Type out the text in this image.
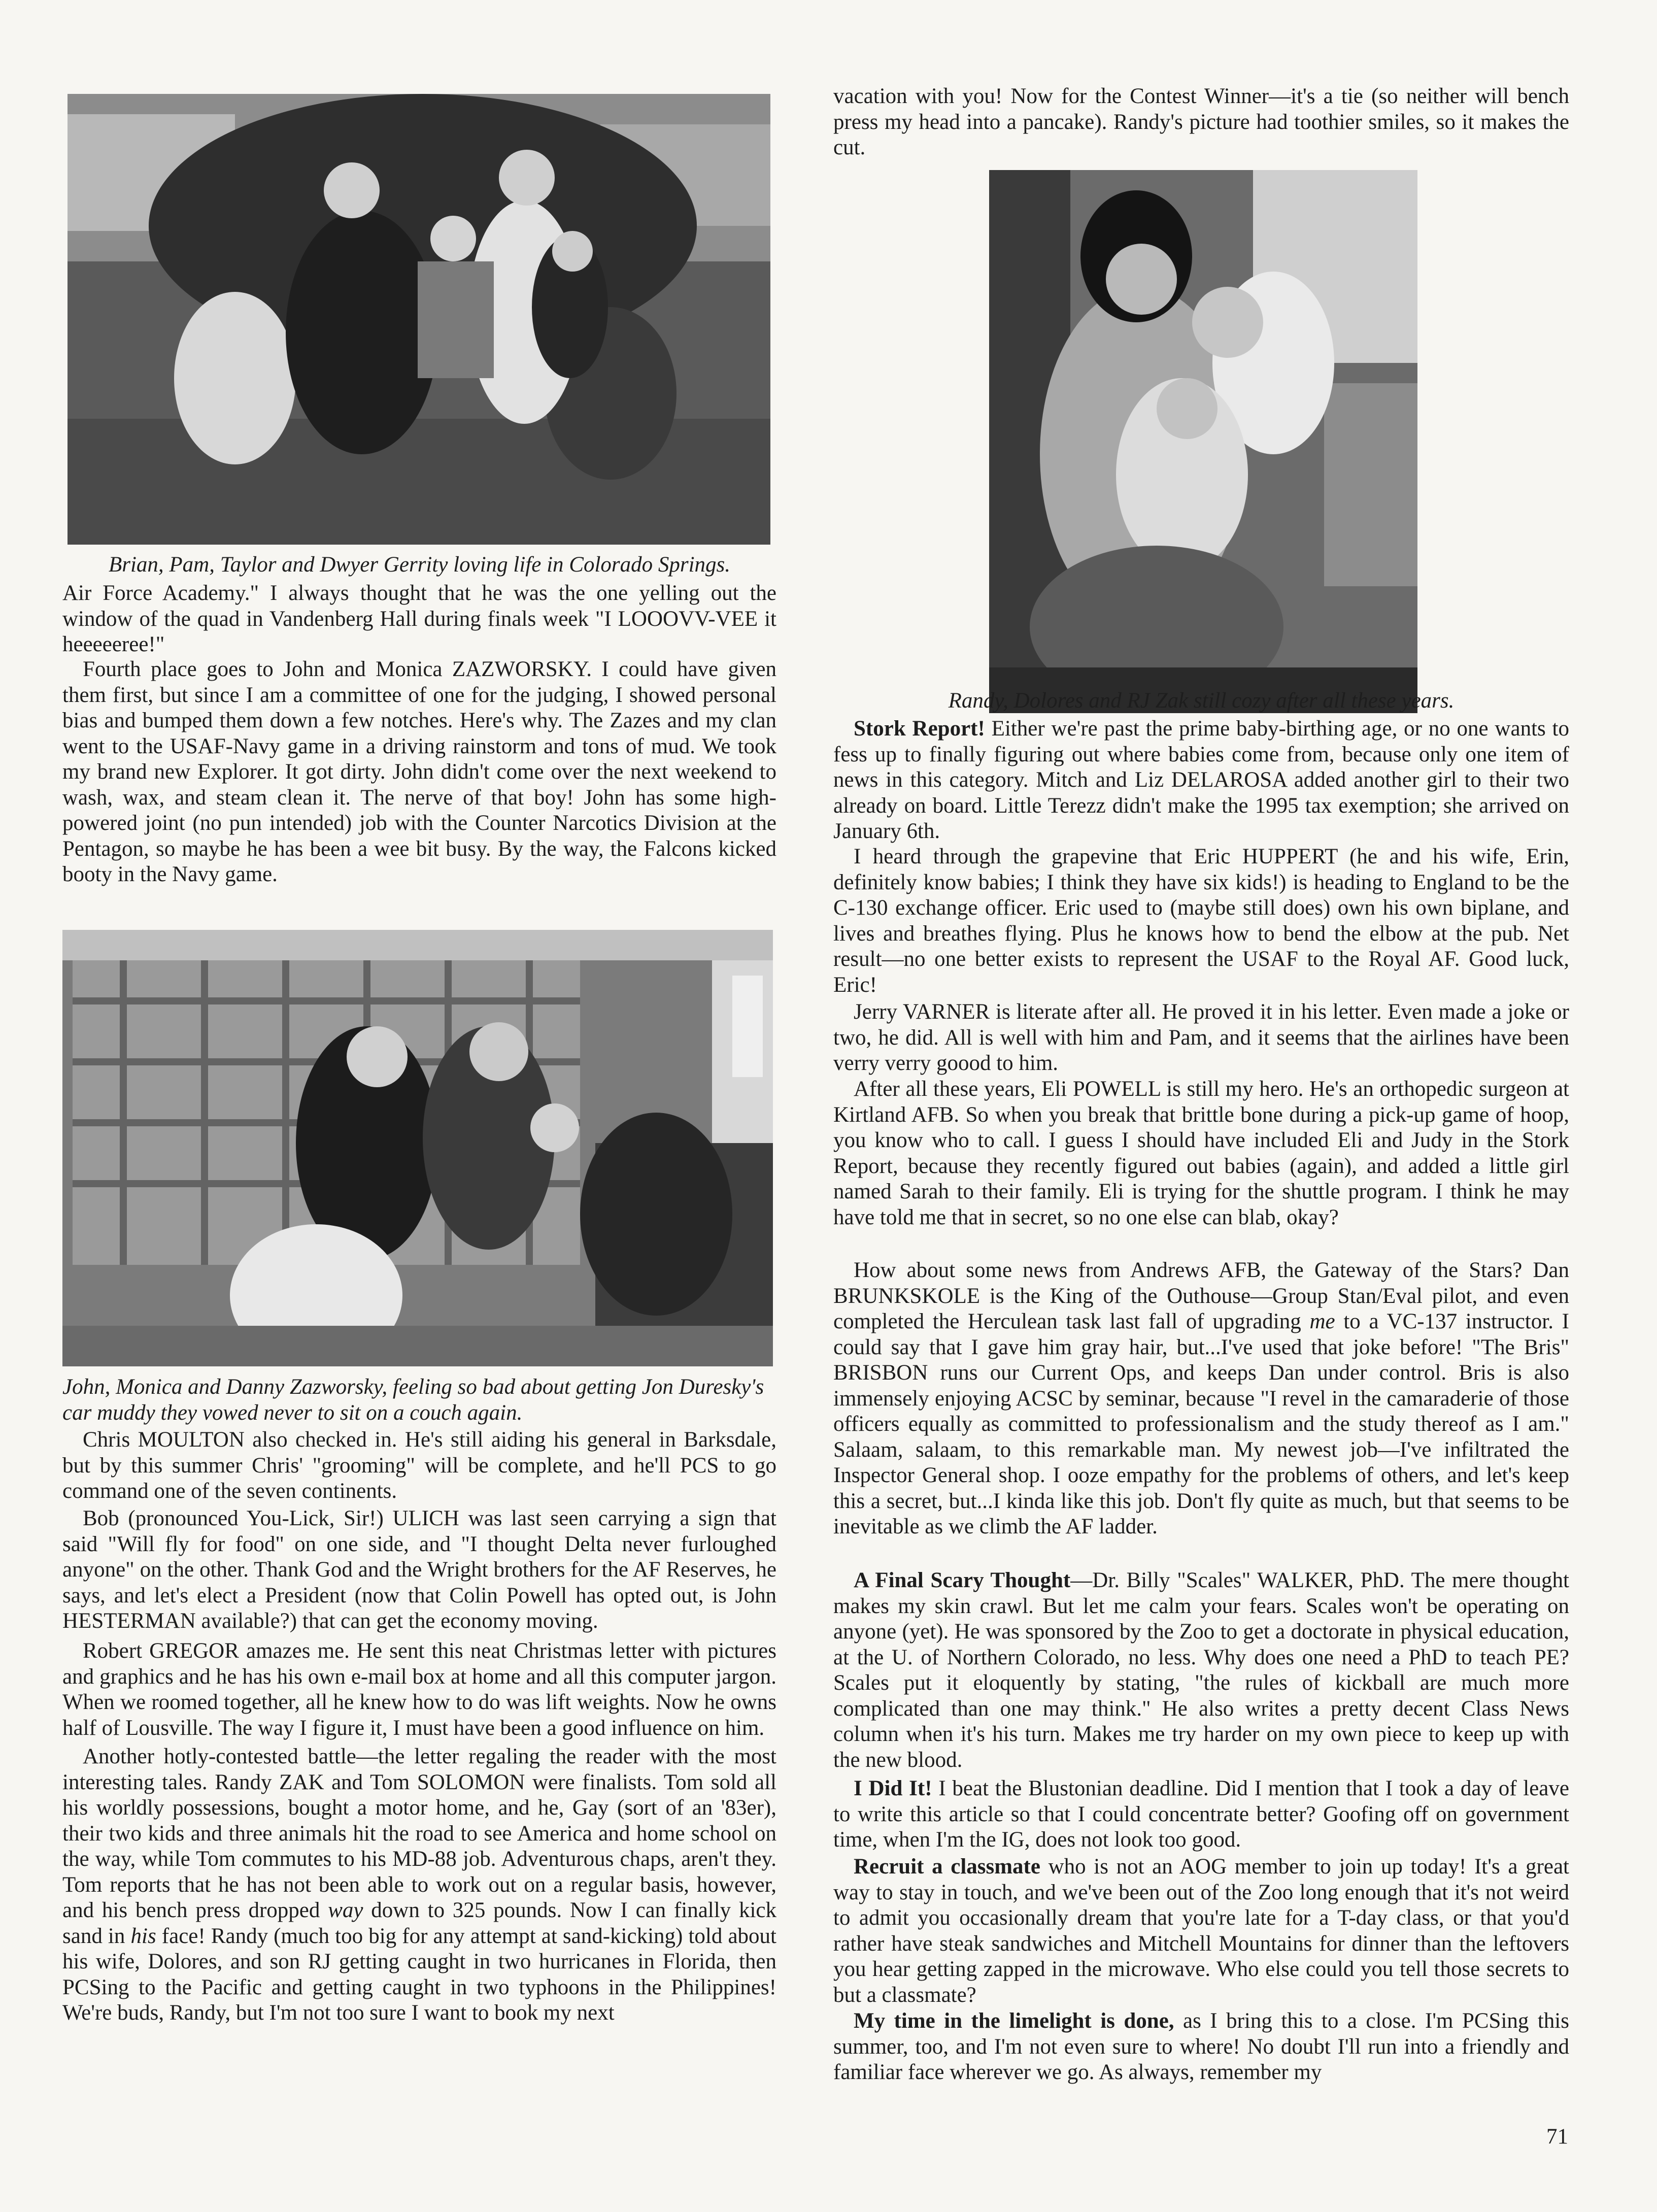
Brian, Pam, Taylor and Dwyer Gerrity loving life in Colorado Springs.

Air Force Academy." I always thought that he was the one yelling out the window of the quad in Vandenberg Hall during finals week "I LOOOVV-VEE it heeeeeree!"

Fourth place goes to John and Monica ZAZWORSKY. I could have given them first, but since I am a committee of one for the judging, I showed personal bias and bumped them down a few notches. Here's why. The Zazes and my clan went to the USAF-Navy game in a driving rainstorm and tons of mud. We took my brand new Explorer. It got dirty. John didn't come over the next weekend to wash, wax, and steam clean it. The nerve of that boy! John has some high-powered joint (no pun intended) job with the Counter Narcotics Division at the Pentagon, so maybe he has been a wee bit busy. By the way, the Falcons kicked booty in the Navy game.

John, Monica and Danny Zazworsky, feeling so bad about getting Jon Duresky's car muddy they vowed never to sit on a couch again.

Chris MOULTON also checked in. He's still aiding his general in Barksdale, but by this summer Chris' "grooming" will be complete, and he'll PCS to go command one of the seven continents.

Bob (pronounced You-Lick, Sir!) ULICH was last seen carrying a sign that said "Will fly for food" on one side, and "I thought Delta never furloughed anyone" on the other. Thank God and the Wright brothers for the AF Reserves, he says, and let's elect a President (now that Colin Powell has opted out, is John HESTERMAN available?) that can get the economy moving.

Robert GREGOR amazes me. He sent this neat Christmas letter with pictures and graphics and he has his own e-mail box at home and all this computer jargon. When we roomed together, all he knew how to do was lift weights. Now he owns half of Lousville. The way I figure it, I must have been a good influence on him.

Another hotly-contested battle—the letter regaling the reader with the most interesting tales. Randy ZAK and Tom SOLOMON were finalists. Tom sold all his worldly possessions, bought a motor home, and he, Gay (sort of an '83er), their two kids and three animals hit the road to see America and home school on the way, while Tom commutes to his MD-88 job. Adventurous chaps, aren't they. Tom reports that he has not been able to work out on a regular basis, however, and his bench press dropped way down to 325 pounds. Now I can finally kick sand in his face! Randy (much too big for any attempt at sand-kicking) told about his wife, Dolores, and son RJ getting caught in two hurricanes in Florida, then PCSing to the Pacific and getting caught in two typhoons in the Philippines! We're buds, Randy, but I'm not too sure I want to book my next

vacation with you! Now for the Contest Winner—it's a tie (so neither will bench press my head into a pancake). Randy's picture had toothier smiles, so it makes the cut.

Randy, Dolores and RJ Zak still cozy after all these years.

Stork Report! Either we're past the prime baby-birthing age, or no one wants to fess up to finally figuring out where babies come from, because only one item of news in this category. Mitch and Liz DELAROSA added another girl to their two already on board. Little Terezz didn't make the 1995 tax exemption; she arrived on January 6th.

I heard through the grapevine that Eric HUPPERT (he and his wife, Erin, definitely know babies; I think they have six kids!) is heading to England to be the C-130 exchange officer. Eric used to (maybe still does) own his own biplane, and lives and breathes flying. Plus he knows how to bend the elbow at the pub. Net result—no one better exists to represent the USAF to the Royal AF. Good luck, Eric!

Jerry VARNER is literate after all. He proved it in his letter. Even made a joke or two, he did. All is well with him and Pam, and it seems that the airlines have been verry verry goood to him.

After all these years, Eli POWELL is still my hero. He's an orthopedic surgeon at Kirtland AFB. So when you break that brittle bone during a pick-up game of hoop, you know who to call. I guess I should have included Eli and Judy in the Stork Report, because they recently figured out babies (again), and added a little girl named Sarah to their family. Eli is trying for the shuttle program. I think he may have told me that in secret, so no one else can blab, okay?

How about some news from Andrews AFB, the Gateway of the Stars? Dan BRUNKSKOLE is the King of the Outhouse—Group Stan/Eval pilot, and even completed the Herculean task last fall of upgrading me to a VC-137 instructor. I could say that I gave him gray hair, but...I've used that joke before! "The Bris" BRISBON runs our Current Ops, and keeps Dan under control. Bris is also immensely enjoying ACSC by seminar, because "I revel in the camaraderie of those officers equally as committed to professionalism and the study thereof as I am." Salaam, salaam, to this remarkable man. My newest job—I've infiltrated the Inspector General shop. I ooze empathy for the problems of others, and let's keep this a secret, but...I kinda like this job. Don't fly quite as much, but that seems to be inevitable as we climb the AF ladder.

A Final Scary Thought—Dr. Billy "Scales" WALKER, PhD. The mere thought makes my skin crawl. But let me calm your fears. Scales won't be operating on anyone (yet). He was sponsored by the Zoo to get a doctorate in physical education, at the U. of Northern Colorado, no less. Why does one need a PhD to teach PE? Scales put it eloquently by stating, "the rules of kickball are much more complicated than one may think." He also writes a pretty decent Class News column when it's his turn. Makes me try harder on my own piece to keep up with the new blood.

I Did It! I beat the Blustonian deadline. Did I mention that I took a day of leave to write this article so that I could concentrate better? Goofing off on government time, when I'm the IG, does not look too good.

Recruit a classmate who is not an AOG member to join up today! It's a great way to stay in touch, and we've been out of the Zoo long enough that it's not weird to admit you occasionally dream that you're late for a T-day class, or that you'd rather have steak sandwiches and Mitchell Mountains for dinner than the leftovers you hear getting zapped in the microwave. Who else could you tell those secrets to but a classmate?

My time in the limelight is done, as I bring this to a close. I'm PCSing this summer, too, and I'm not even sure to where! No doubt I'll run into a friendly and familiar face wherever we go. As always, remember my

71
